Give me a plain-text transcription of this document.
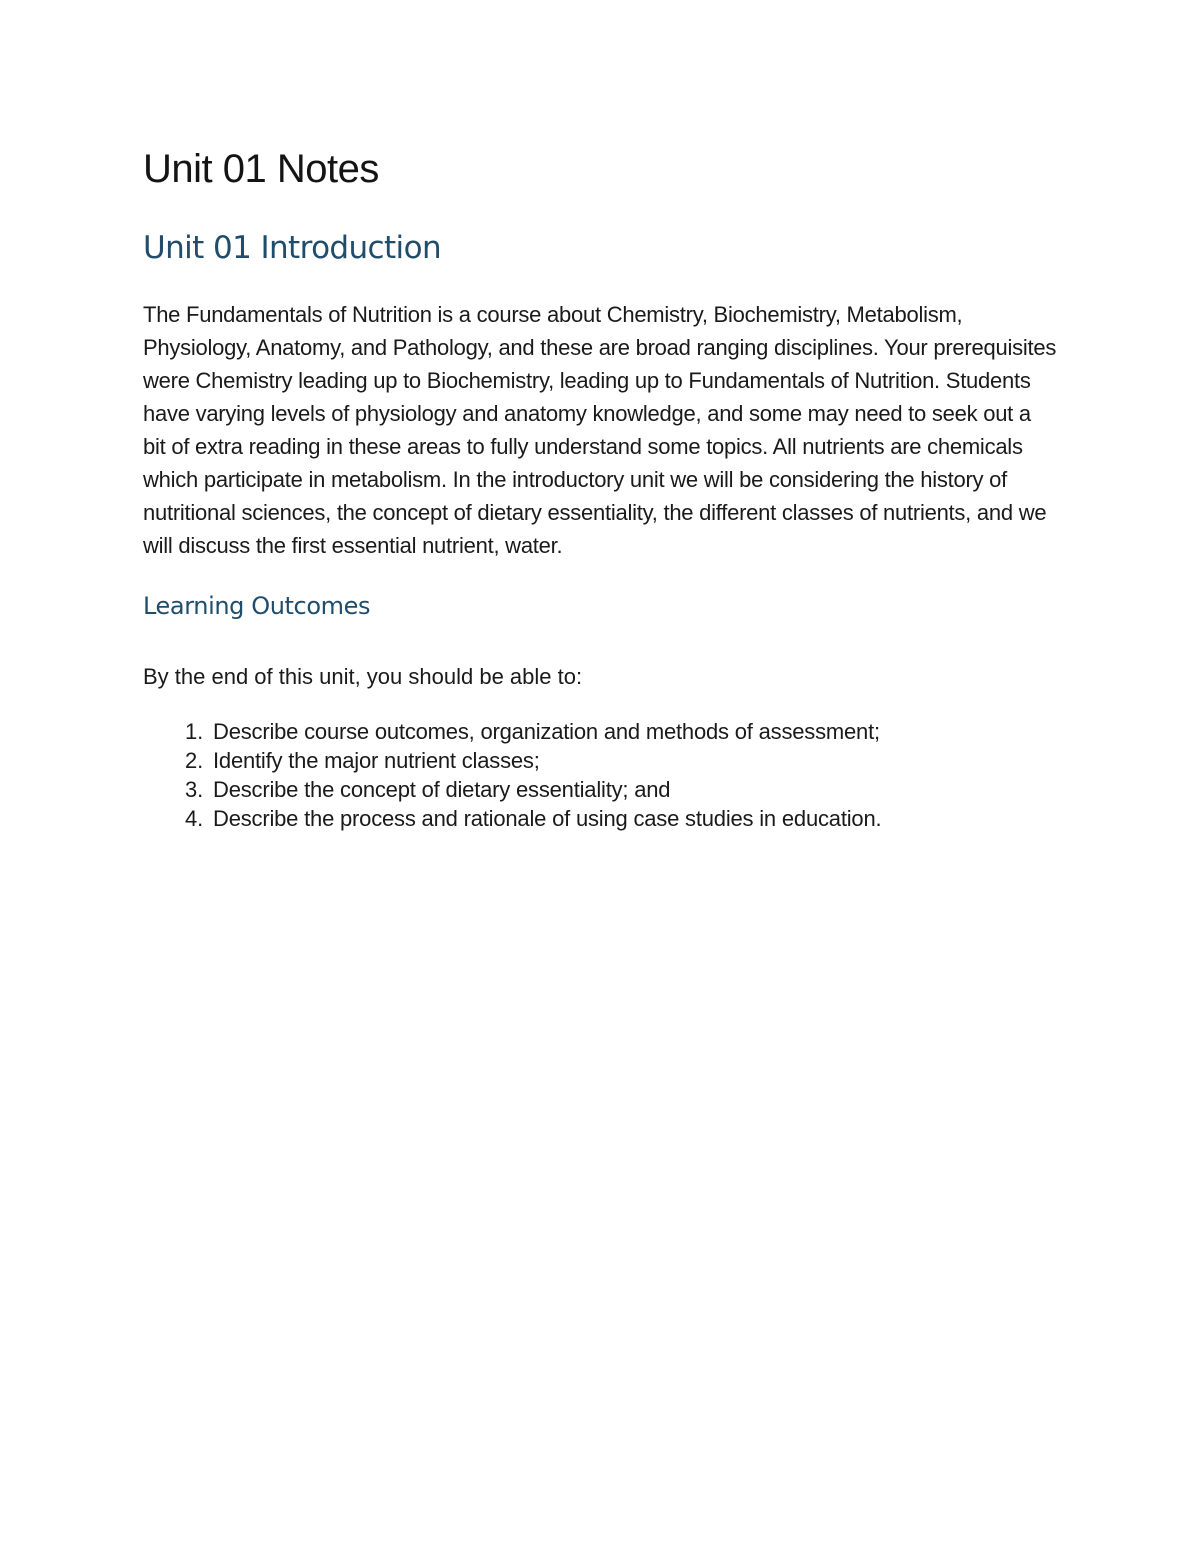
Unit 01 Notes
Unit 01 Introduction

The Fundamentals of Nutrition is a course about Chemistry, Biochemistry, Metabolism, Physiology, Anatomy, and Pathology, and these are broad ranging disciplines. Your prerequisites were Chemistry leading up to Biochemistry, leading up to Fundamentals of Nutrition. Students have varying levels of physiology and anatomy knowledge, and some may need to seek out a bit of extra reading in these areas to fully understand some topics. All nutrients are chemicals which participate in metabolism. In the introductory unit we will be considering the history of nutritional sciences, the concept of dietary essentiality, the different classes of nutrients, and we will discuss the first essential nutrient, water.

Learning Outcomes

By the end of this unit, you should be able to:

1. Describe course outcomes, organization and methods of assessment;
2. Identify the major nutrient classes;
3. Describe the concept of dietary essentiality; and
4. Describe the process and rationale of using case studies in education.
